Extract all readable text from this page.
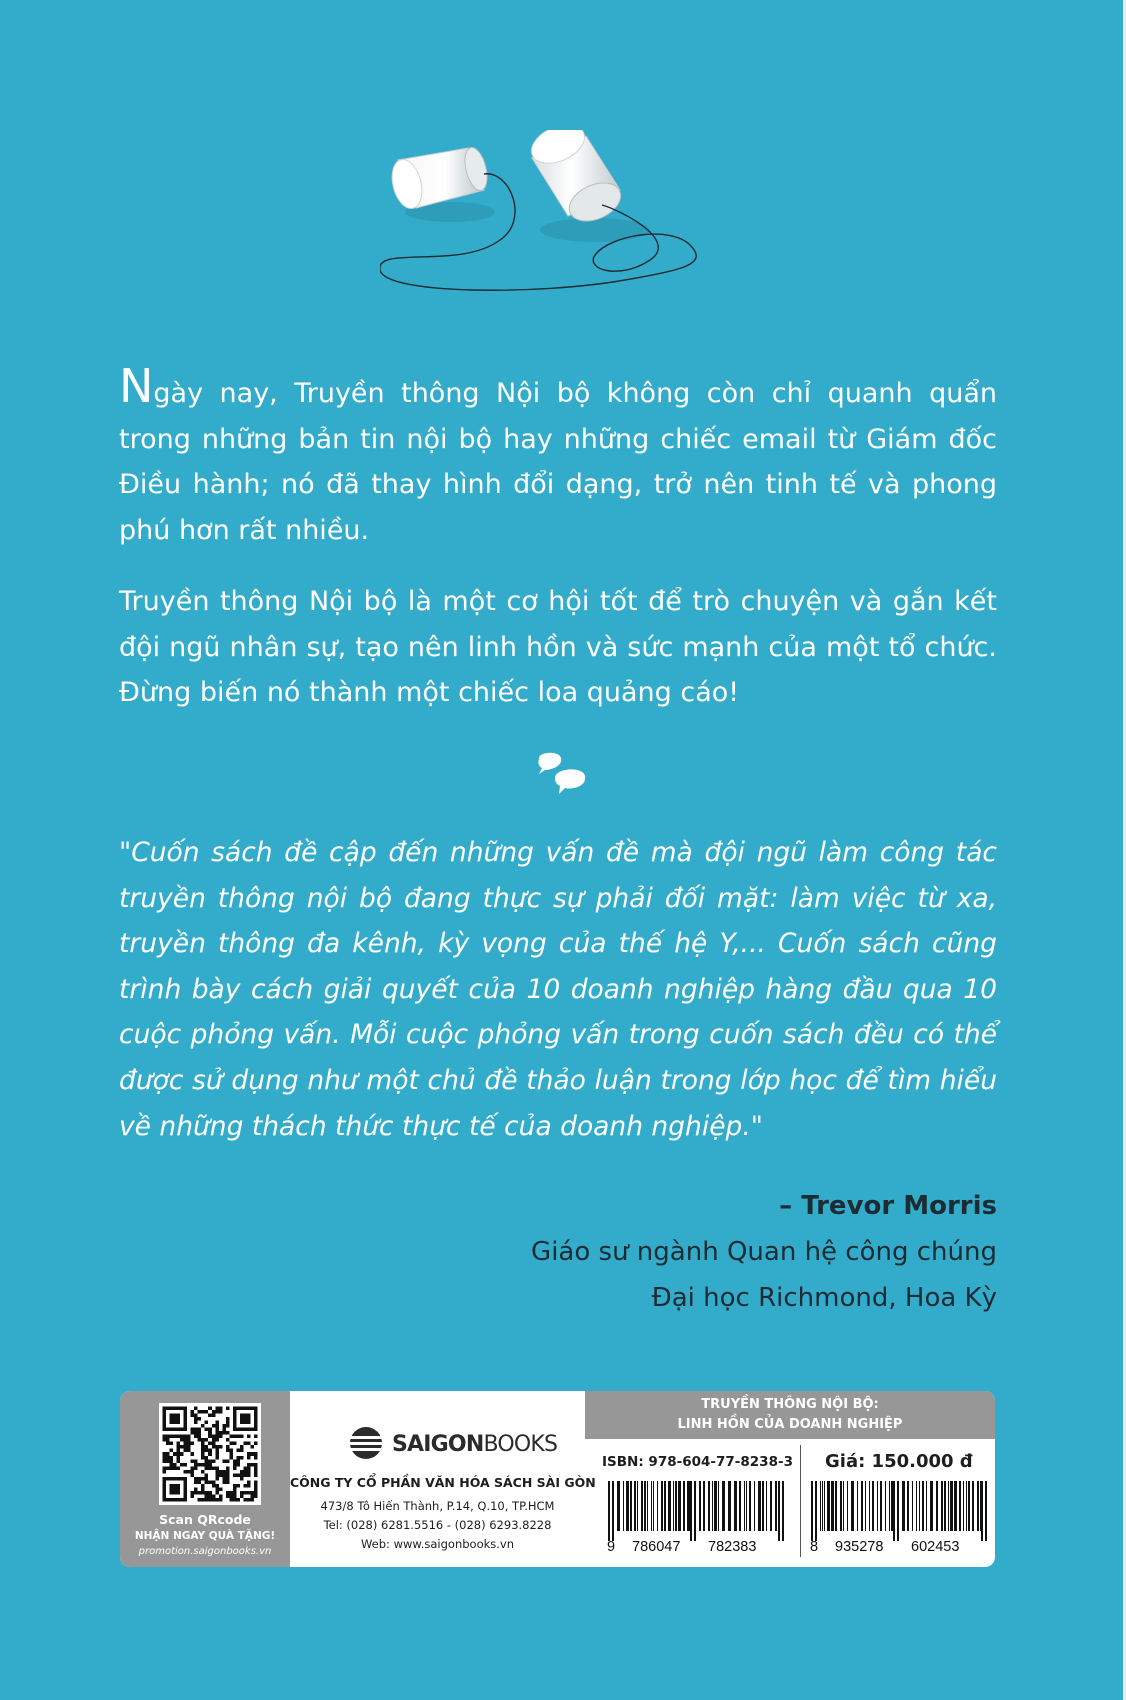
Ngày nay, Truyền thông Nội bộ không còn chỉ quanh quẩn trong những bản tin nội bộ hay những chiếc email từ Giám đốc Điều hành; nó đã thay hình đổi dạng, trở nên tinh tế và phong phú hơn rất nhiều.

Truyền thông Nội bộ là một cơ hội tốt để trò chuyện và gắn kết đội ngũ nhân sự, tạo nên linh hồn và sức mạnh của một tổ chức. Đừng biến nó thành một chiếc loa quảng cáo!

"Cuốn sách đề cập đến những vấn đề mà đội ngũ làm công tác truyền thông nội bộ đang thực sự phải đối mặt: làm việc từ xa, truyền thông đa kênh, kỳ vọng của thế hệ Y,... Cuốn sách cũng trình bày cách giải quyết của 10 doanh nghiệp hàng đầu qua 10 cuộc phỏng vấn. Mỗi cuộc phỏng vấn trong cuốn sách đều có thể được sử dụng như một chủ đề thảo luận trong lớp học để tìm hiểu về những thách thức thực tế của doanh nghiệp."

– Trevor Morris
Giáo sư ngành Quan hệ công chúng
Đại học Richmond, Hoa Kỳ
Scan QRcode
NHẬN NGAY QUÀ TẶNG!
promotion.saigonbooks.vn
SAIGONBOOKS
CÔNG TY CỔ PHẦN VĂN HÓA SÁCH SÀI GÒN
473/8 Tô Hiến Thành, P.14, Q.10, TP.HCM
Tel: (028) 6281.5516 - (028) 6293.8228
Web: www.saigonbooks.vn
TRUYỀN THÔNG NỘI BỘ:
LINH HỒN CỦA DOANH NGHIỆP
ISBN: 978-604-77-8238-3 Giá: 150.000 đ
9 786047 782383	8 935278 602453
